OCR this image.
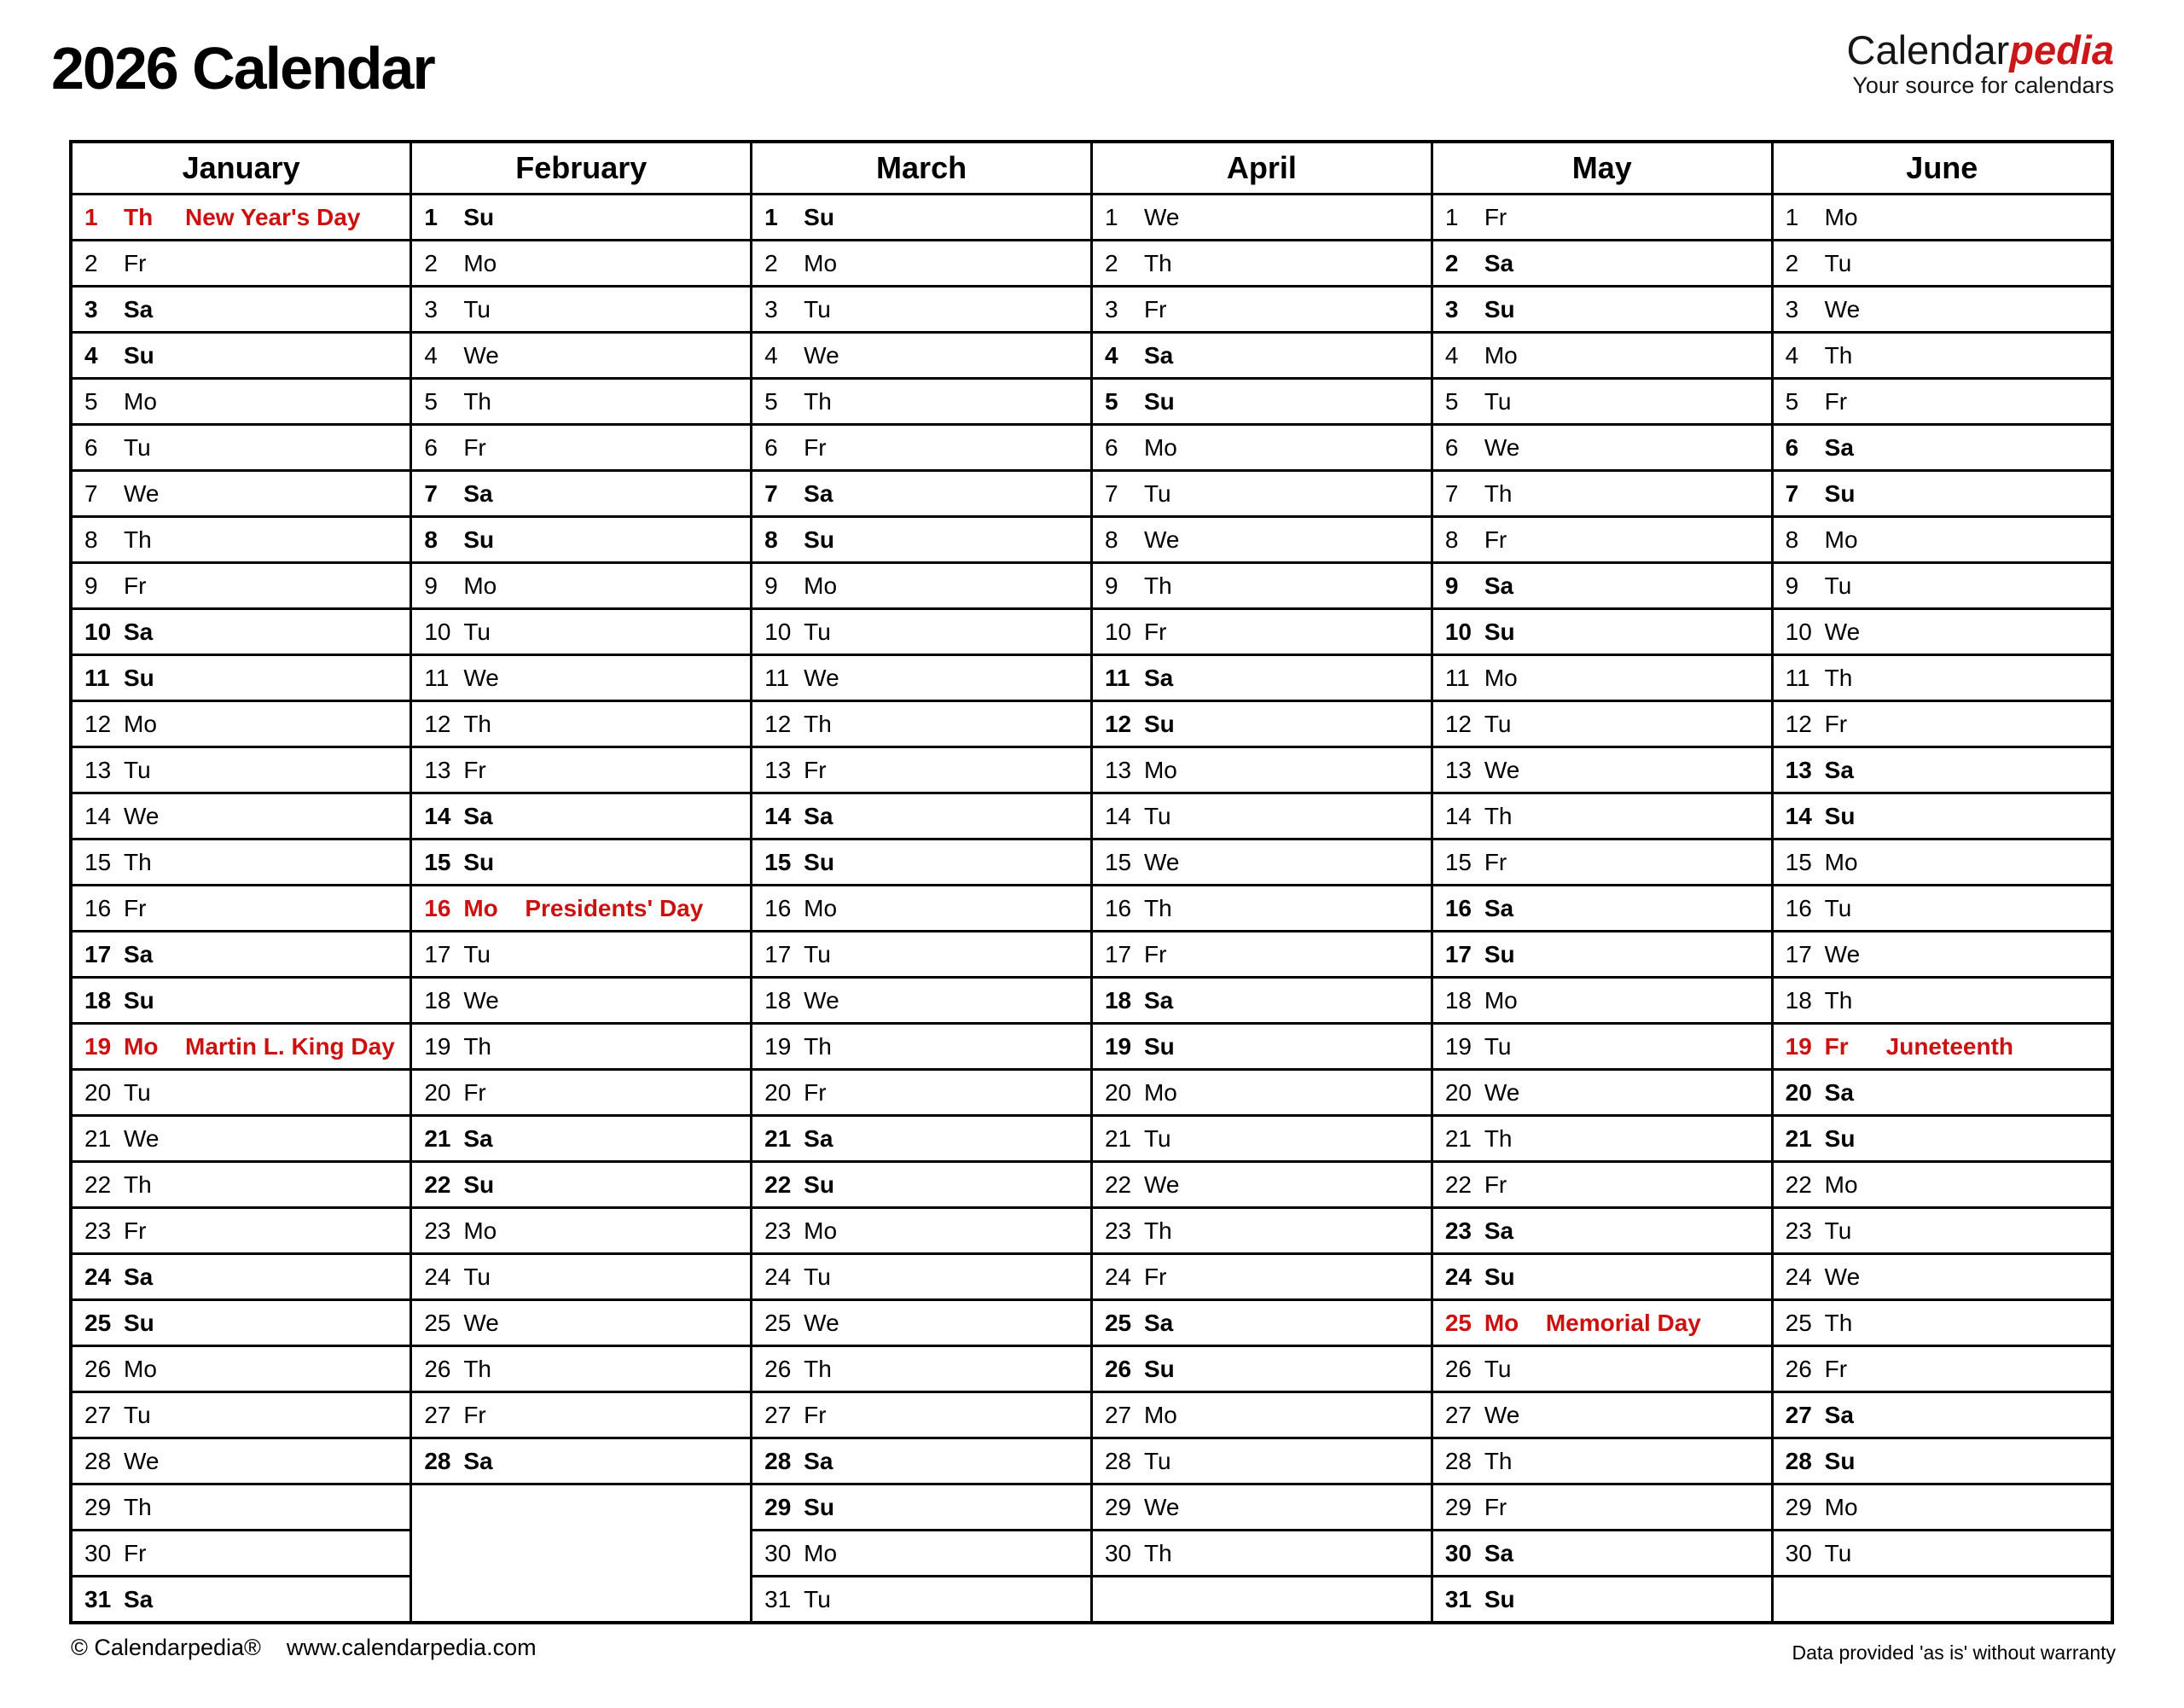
2026 Calendar	Calendarpedia
Your source for calendars
January	February	March	April	May	June
1 Th New Year's Day	1 Su	1 Su	1 We	1 Fr	1 Mo
2 Fr	2 Mo	2 Mo	2 Th	2 Sa	2 Tu
3 Sa	3 Tu	3 Tu	3 Fr	3 Su	3 We
4 Su	4 We	4 We	4 Sa	4 Mo	4 Th
5 Mo	5 Th	5 Th	5 Su	5 Tu	5 Fr
6 Tu	6 Fr	6 Fr	6 Mo	6 We	6 Sa
7 We	7 Sa	7 Sa	7 Tu	7 Th	7 Su
8 Th	8 Su	8 Su	8 We	8 Fr	8 Mo
9 Fr	9 Mo	9 Mo	9 Th	9 Sa	9 Tu
10 Sa	10 Tu	10 Tu	10 Fr	10 Su	10 We
11 Su	11 We	11 We	11 Sa	11 Mo	11 Th
12 Mo	12 Th	12 Th	12 Su	12 Tu	12 Fr
13 Tu	13 Fr	13 Fr	13 Mo	13 We	13 Sa
14 We	14 Sa	14 Sa	14 Tu	14 Th	14 Su
15 Th	15 Su	15 Su	15 We	15 Fr	15 Mo
16 Fr	16 Mo Presidents' Day	16 Mo	16 Th	16 Sa	16 Tu
17 Sa	17 Tu	17 Tu	17 Fr	17 Su	17 We
18 Su	18 We	18 We	18 Sa	18 Mo	18 Th
19 Mo Martin L. King Day	19 Th	19 Th	19 Su	19 Tu	19 Fr Juneteenth
20 Tu	20 Fr	20 Fr	20 Mo	20 We	20 Sa
21 We	21 Sa	21 Sa	21 Tu	21 Th	21 Su
22 Th	22 Su	22 Su	22 We	22 Fr	22 Mo
23 Fr	23 Mo	23 Mo	23 Th	23 Sa	23 Tu
24 Sa	24 Tu	24 Tu	24 Fr	24 Su	24 We
25 Su	25 We	25 We	25 Sa	25 Mo Memorial Day	25 Th
26 Mo	26 Th	26 Th	26 Su	26 Tu	26 Fr
27 Tu	27 Fr	27 Fr	27 Mo	27 We	27 Sa
28 We	28 Sa	28 Sa	28 Tu	28 Th	28 Su
29 Th		29 Su	29 We	29 Fr	29 Mo
30 Fr		30 Mo	30 Th	30 Sa	30 Tu
31 Sa		31 Tu		31 Su	
© Calendarpedia® www.calendarpedia.com	Data provided 'as is' without warranty
